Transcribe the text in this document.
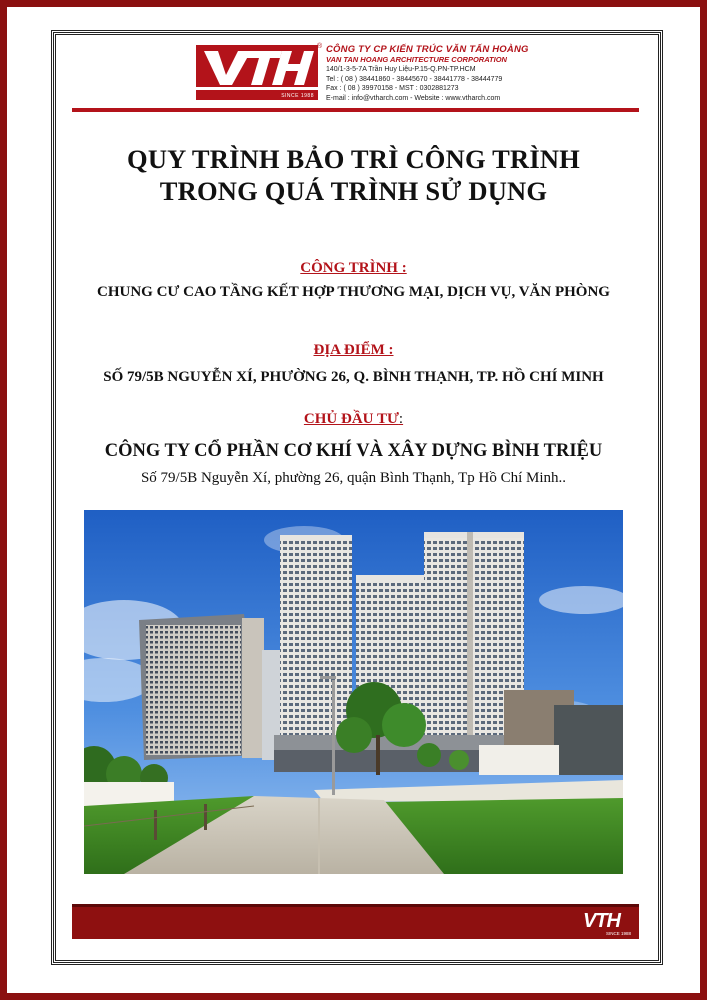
SINCE 1988
® CÔNG TY CP KIẾN TRÚC VĂN TẤN HOÀNG
VAN TAN HOANG ARCHITECTURE CORPORATION
140/1-3-5-7A Trần Huy Liệu-P.15-Q.PN-TP.HCM
Tel : ( 08 ) 38441860 - 38445670 - 38441778 - 38444779
Fax : ( 08 ) 39970158 - MST : 0302881273
E-mail : info@vtharch.com - Website : www.vtharch.com
QUY TRÌNH BẢO TRÌ CÔNG TRÌNH
TRONG QUÁ TRÌNH SỬ DỤNG
CÔNG TRÌNH :
CHUNG CƯ CAO TẦNG KẾT HỢP THƯƠNG MẠI, DỊCH VỤ, VĂN PHÒNG
ĐỊA ĐIỂM :
SỐ 79/5B NGUYỄN XÍ, PHƯỜNG 26, Q. BÌNH THẠNH, TP. HỒ CHÍ MINH
CHỦ ĐẦU TƯ:
CÔNG TY CỔ PHẦN CƠ KHÍ VÀ XÂY DỰNG BÌNH TRIỆU
Số 79/5B Nguyễn Xí, phường 26, quận Bình Thạnh, Tp Hồ Chí Minh..
VTH
SINCE 1988
